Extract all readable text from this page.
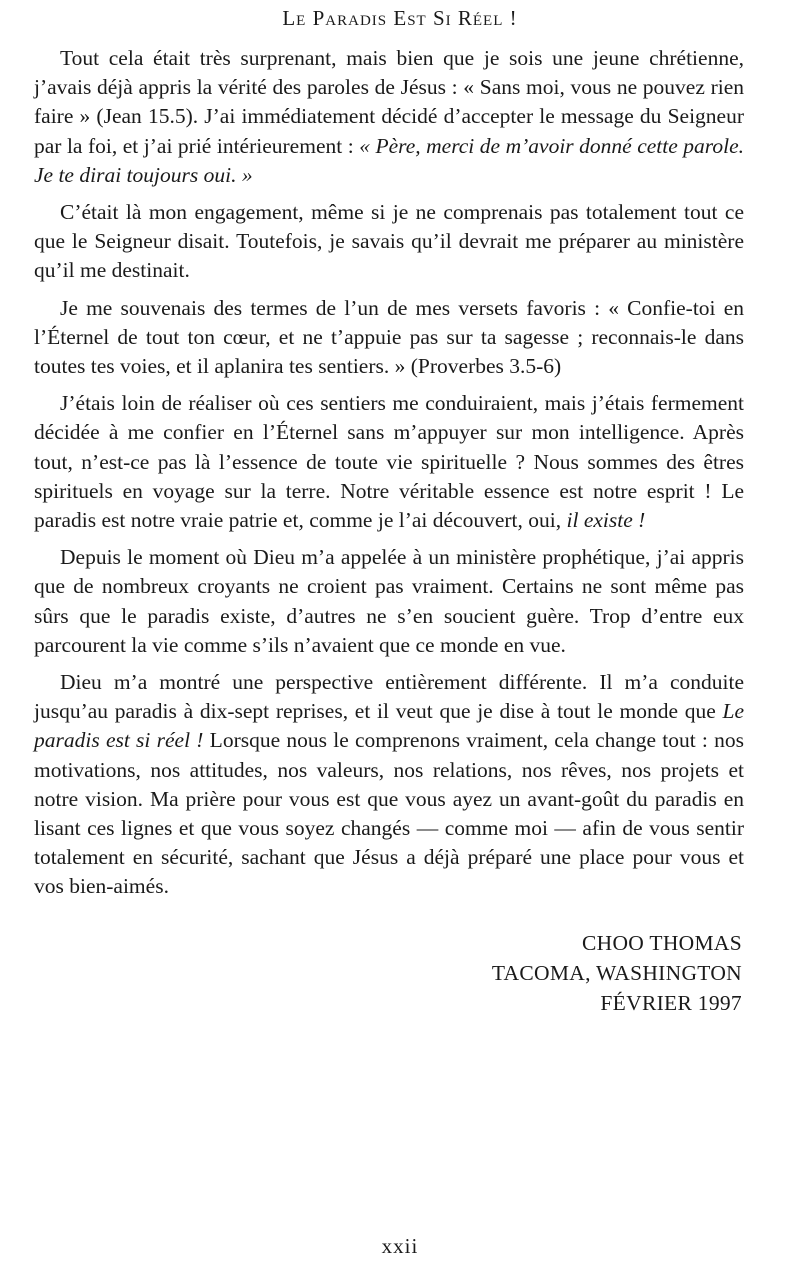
Le Paradis Est Si Réel !

Tout cela était très surprenant, mais bien que je sois une jeune chrétienne, j’avais déjà appris la vérité des paroles de Jésus : « Sans moi, vous ne pouvez rien faire » (Jean 15.5). J’ai immédiatement décidé d’accepter le message du Seigneur par la foi, et j’ai prié intérieurement : « Père, merci de m’avoir donné cette parole. Je te dirai toujours oui. »

C’était là mon engagement, même si je ne comprenais pas totalement tout ce que le Seigneur disait. Toutefois, je savais qu’il devrait me préparer au ministère qu’il me destinait.

Je me souvenais des termes de l’un de mes versets favoris : « Confie-toi en l’Éternel de tout ton cœur, et ne t’appuie pas sur ta sagesse ; reconnais-le dans toutes tes voies, et il aplanira tes sentiers. » (Proverbes 3.5-6)

J’étais loin de réaliser où ces sentiers me conduiraient, mais j’étais fermement décidée à me confier en l’Éternel sans m’appuyer sur mon intelligence. Après tout, n’est-ce pas là l’essence de toute vie spirituelle ? Nous sommes des êtres spirituels en voyage sur la terre. Notre véritable essence est notre esprit ! Le paradis est notre vraie patrie et, comme je l’ai découvert, oui, il existe !

Depuis le moment où Dieu m’a appelée à un ministère prophétique, j’ai appris que de nombreux croyants ne croient pas vraiment. Certains ne sont même pas sûrs que le paradis existe, d’autres ne s’en soucient guère. Trop d’entre eux parcourent la vie comme s’ils n’avaient que ce monde en vue.

Dieu m’a montré une perspective entièrement différente. Il m’a conduite jusqu’au paradis à dix-sept reprises, et il veut que je dise à tout le monde que Le paradis est si réel ! Lorsque nous le comprenons vraiment, cela change tout : nos motivations, nos attitudes, nos valeurs, nos relations, nos rêves, nos projets et notre vision. Ma prière pour vous est que vous ayez un avant-goût du paradis en lisant ces lignes et que vous soyez changés — comme moi — afin de vous sentir totalement en sécurité, sachant que Jésus a déjà préparé une place pour vous et vos bien-aimés.

CHOO THOMAS
TACOMA, WASHINGTON
FÉVRIER 1997
xxii
